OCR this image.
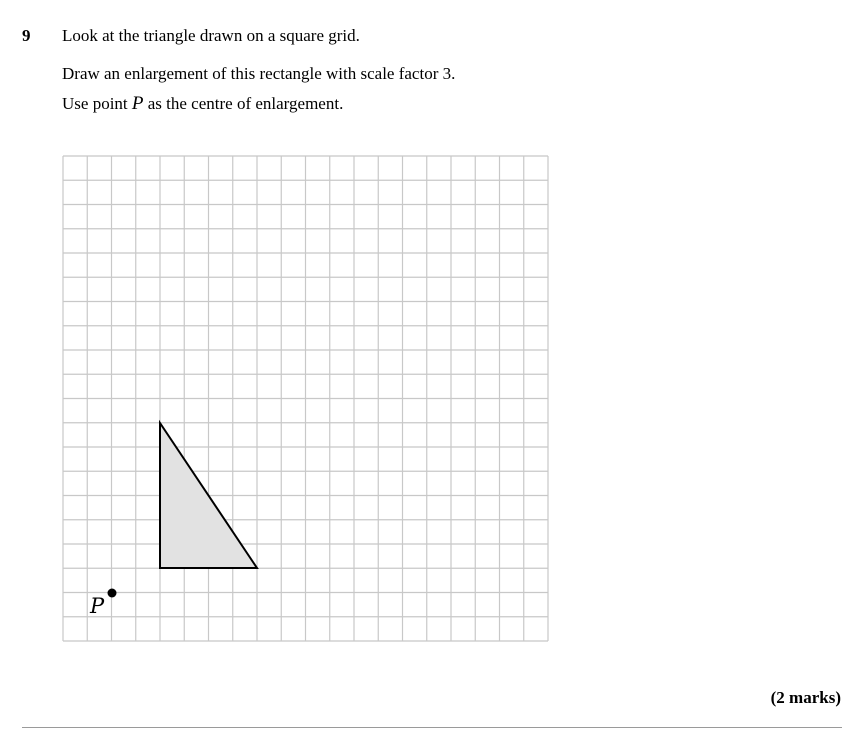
9 Look at the triangle drawn on a square grid.
Draw an enlargement of this rectangle with scale factor 3.
Use point P as the centre of enlargement.
P
(2 marks)
